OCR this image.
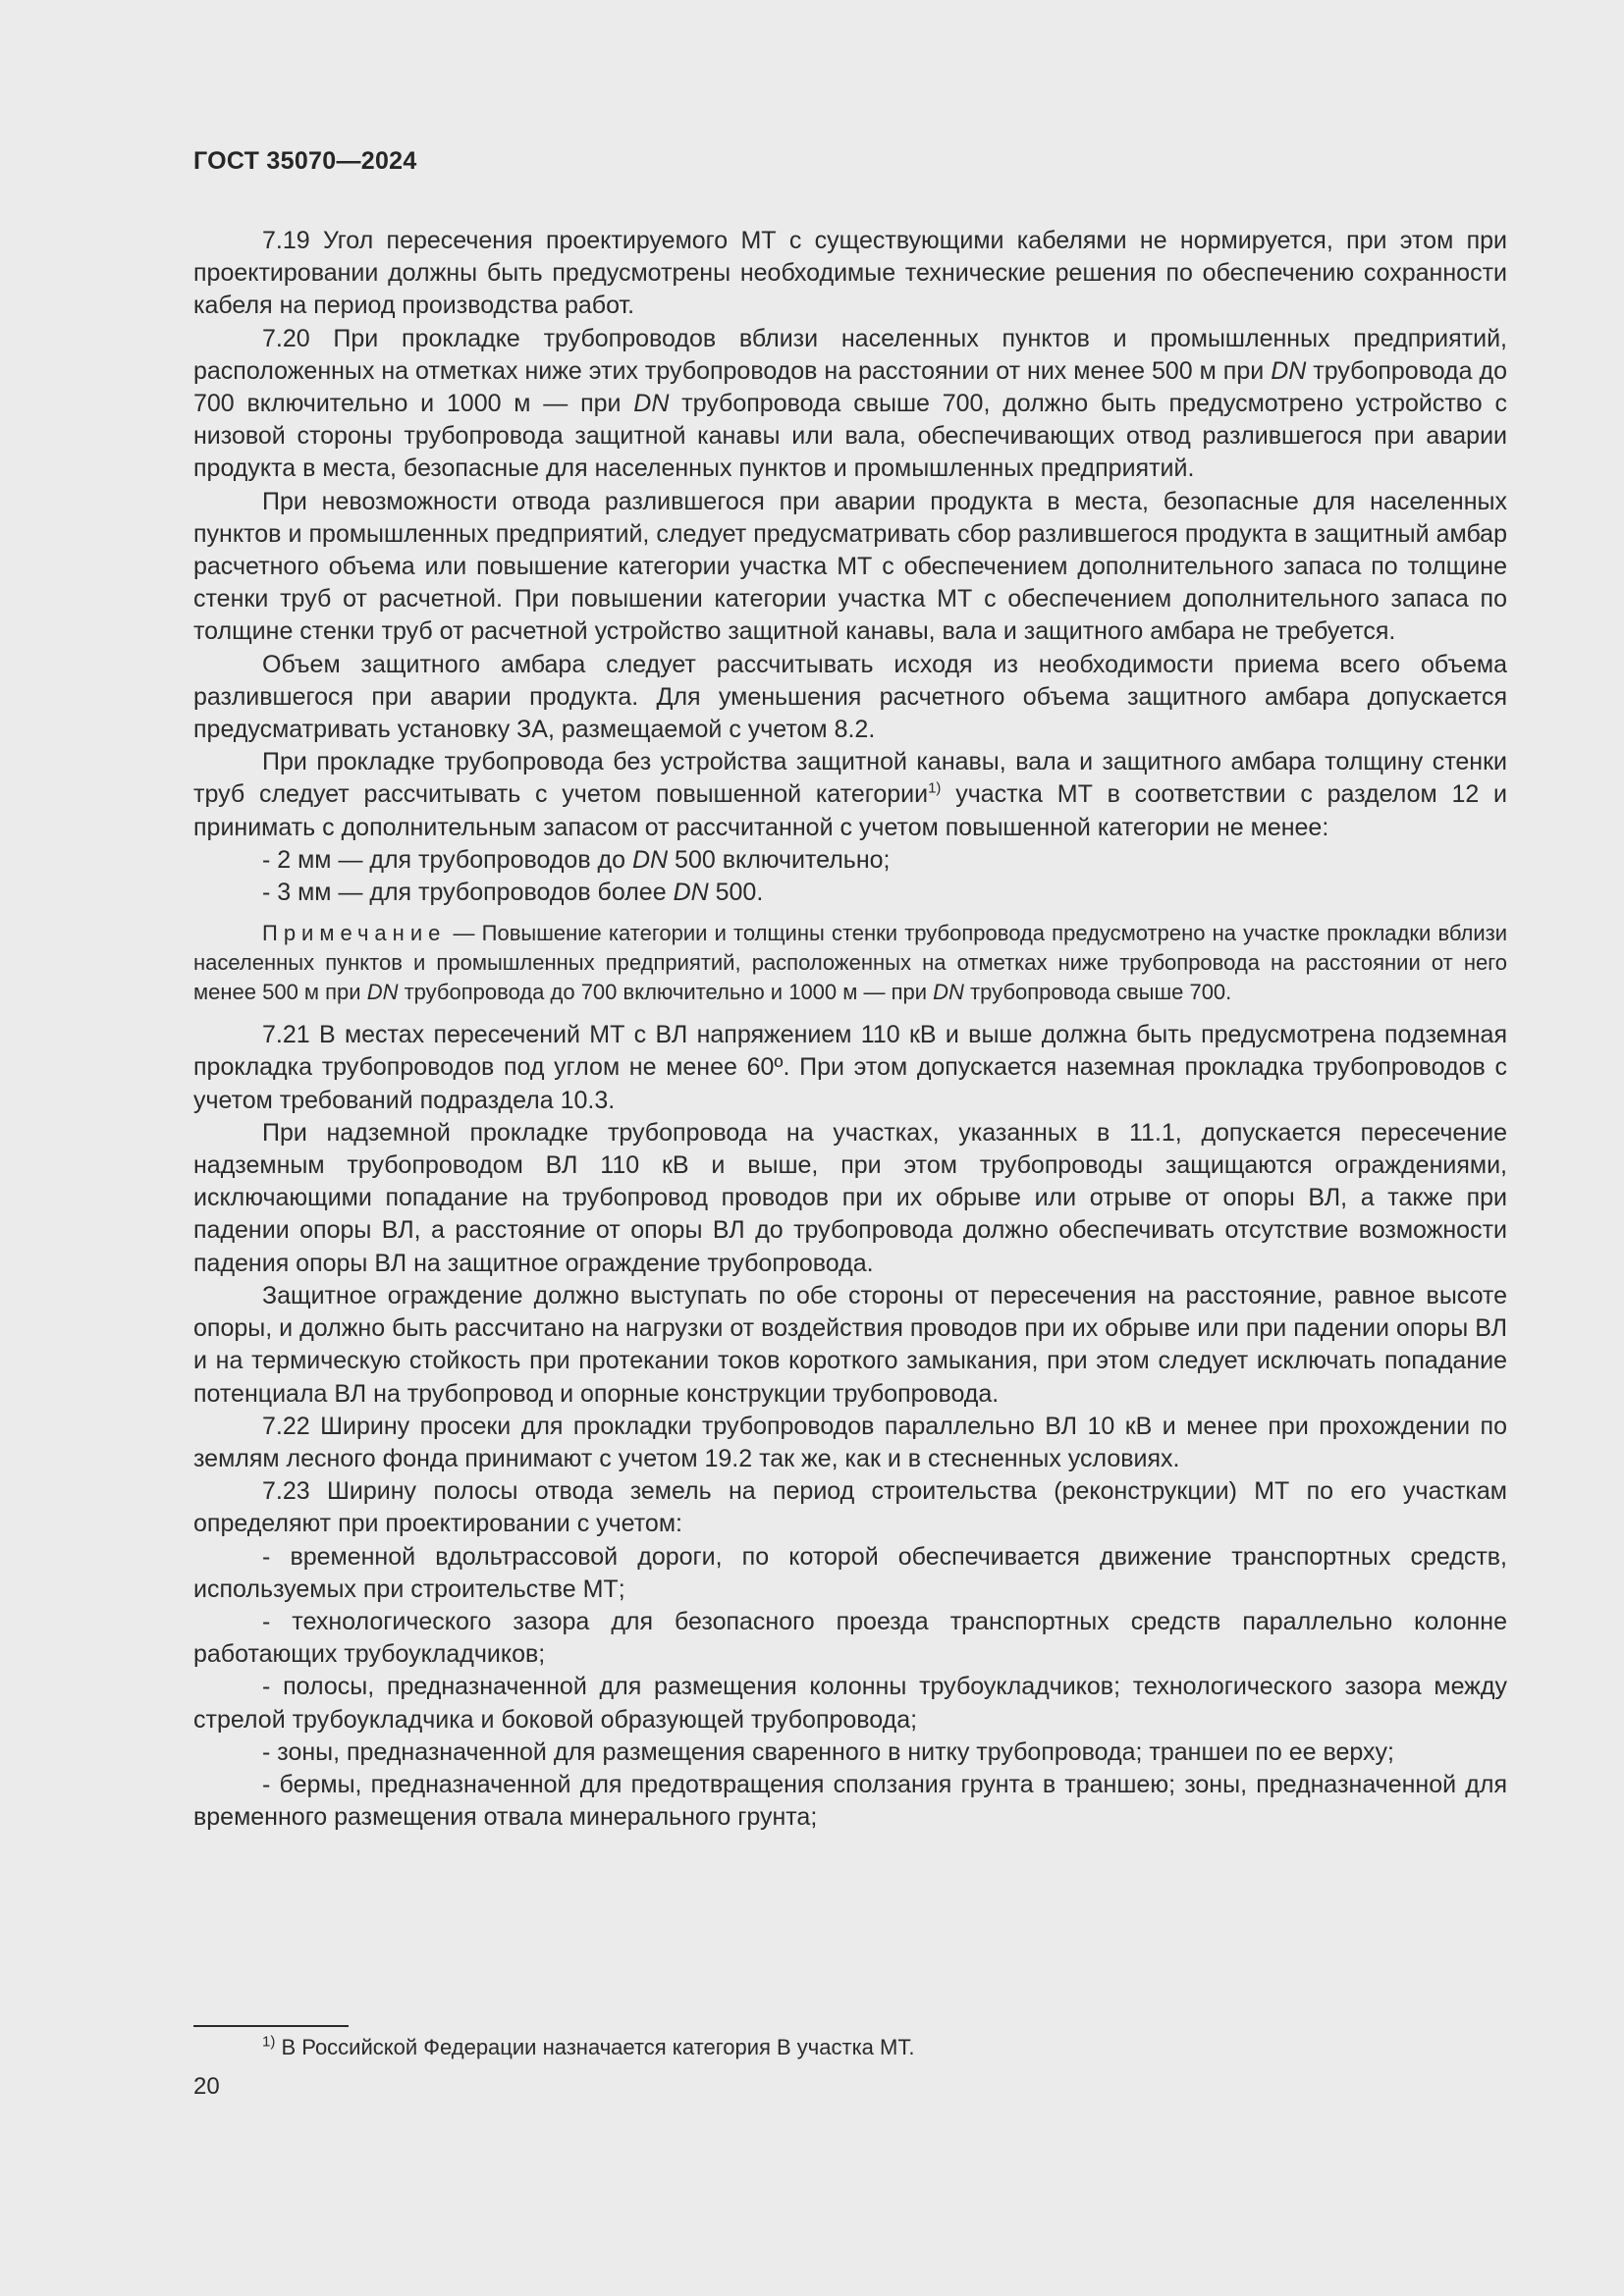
ГОСТ 35070—2024

7.19 Угол пересечения проектируемого МТ с существующими кабелями не нормируется, при этом при проектировании должны быть предусмотрены необходимые технические решения по обеспечению сохранности кабеля на период производства работ.

7.20 При прокладке трубопроводов вблизи населенных пунктов и промышленных предприятий, расположенных на отметках ниже этих трубопроводов на расстоянии от них менее 500 м при DN трубопровода до 700 включительно и 1000 м — при DN трубопровода свыше 700, должно быть предусмотрено устройство с низовой стороны трубопровода защитной канавы или вала, обеспечивающих отвод разлившегося при аварии продукта в места, безопасные для населенных пунктов и промышленных предприятий.

При невозможности отвода разлившегося при аварии продукта в места, безопасные для населенных пунктов и промышленных предприятий, следует предусматривать сбор разлившегося продукта в защитный амбар расчетного объема или повышение категории участка МТ с обеспечением дополнительного запаса по толщине стенки труб от расчетной. При повышении категории участка МТ с обеспечением дополнительного запаса по толщине стенки труб от расчетной устройство защитной канавы, вала и защитного амбара не требуется.

Объем защитного амбара следует рассчитывать исходя из необходимости приема всего объема разлившегося при аварии продукта. Для уменьшения расчетного объема защитного амбара допускается предусматривать установку ЗА, размещаемой с учетом 8.2.

При прокладке трубопровода без устройства защитной канавы, вала и защитного амбара толщину стенки труб следует рассчитывать с учетом повышенной категории$^{1)}$ участка МТ в соответствии с разделом 12 и принимать с дополнительным запасом от рассчитанной с учетом повышенной категории не менее:

- 2 мм — для трубопроводов до DN 500 включительно;

- 3 мм — для трубопроводов более DN 500.

Примечание — Повышение категории и толщины стенки трубопровода предусмотрено на участке прокладки вблизи населенных пунктов и промышленных предприятий, расположенных на отметках ниже трубопровода на расстоянии от него менее 500 м при DN трубопровода до 700 включительно и 1000 м — при DN трубопровода свыше 700.

7.21 В местах пересечений МТ с ВЛ напряжением 110 кВ и выше должна быть предусмотрена подземная прокладка трубопроводов под углом не менее 60º. При этом допускается наземная прокладка трубопроводов с учетом требований подраздела 10.3.

При надземной прокладке трубопровода на участках, указанных в 11.1, допускается пересечение надземным трубопроводом ВЛ 110 кВ и выше, при этом трубопроводы защищаются ограждениями, исключающими попадание на трубопровод проводов при их обрыве или отрыве от опоры ВЛ, а также при падении опоры ВЛ, а расстояние от опоры ВЛ до трубопровода должно обеспечивать отсутствие возможности падения опоры ВЛ на защитное ограждение трубопровода.

Защитное ограждение должно выступать по обе стороны от пересечения на расстояние, равное высоте опоры, и должно быть рассчитано на нагрузки от воздействия проводов при их обрыве или при падении опоры ВЛ и на термическую стойкость при протекании токов короткого замыкания, при этом следует исключать попадание потенциала ВЛ на трубопровод и опорные конструкции трубопровода.

7.22 Ширину просеки для прокладки трубопроводов параллельно ВЛ 10 кВ и менее при прохождении по землям лесного фонда принимают с учетом 19.2 так же, как и в стесненных условиях.

7.23 Ширину полосы отвода земель на период строительства (реконструкции) МТ по его участкам определяют при проектировании с учетом:

- временной вдольтрассовой дороги, по которой обеспечивается движение транспортных средств, используемых при строительстве МТ;

- технологического зазора для безопасного проезда транспортных средств параллельно колонне работающих трубоукладчиков;

- полосы, предназначенной для размещения колонны трубоукладчиков; технологического зазора между стрелой трубоукладчика и боковой образующей трубопровода;

- зоны, предназначенной для размещения сваренного в нитку трубопровода; траншеи по ее верху;

- бермы, предназначенной для предотвращения сползания грунта в траншею; зоны, предназначенной для временного размещения отвала минерального грунта;

$^{1)}$ В Российской Федерации назначается категория В участка МТ.
20
